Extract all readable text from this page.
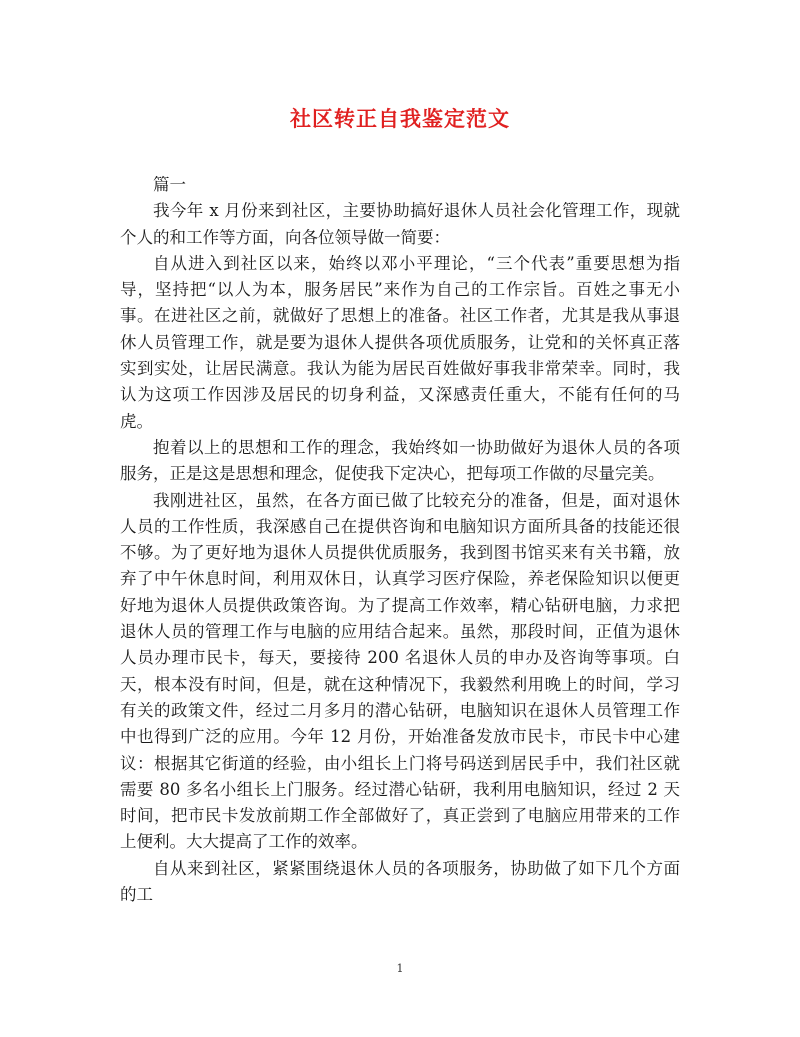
社区转正自我鉴定范文

篇一

我今年 x 月份来到社区，主要协助搞好退休人员社会化管理工作，现就个人的和工作等方面，向各位领导做一简要：

自从进入到社区以来，始终以邓小平理论，“三个代表”重要思想为指导，坚持把“以人为本，服务居民”来作为自己的工作宗旨。百姓之事无小事。在进社区之前，就做好了思想上的准备。社区工作者，尤其是我从事退休人员管理工作，就是要为退休人提供各项优质服务，让党和的关怀真正落实到实处，让居民满意。我认为能为居民百姓做好事我非常荣幸。同时，我认为这项工作因涉及居民的切身利益，又深感责任重大，不能有任何的马虎。

抱着以上的思想和工作的理念，我始终如一协助做好为退休人员的各项服务，正是这是思想和理念，促使我下定决心，把每项工作做的尽量完美。

我刚进社区，虽然，在各方面已做了比较充分的准备，但是，面对退休人员的工作性质，我深感自己在提供咨询和电脑知识方面所具备的技能还很不够。为了更好地为退休人员提供优质服务，我到图书馆买来有关书籍，放弃了中午休息时间，利用双休日，认真学习医疗保险，养老保险知识以便更好地为退休人员提供政策咨询。为了提高工作效率，精心钻研电脑，力求把退休人员的管理工作与电脑的应用结合起来。虽然，那段时间，正值为退休人员办理市民卡，每天，要接待 200 名退休人员的申办及咨询等事项。白天，根本没有时间，但是，就在这种情况下，我毅然利用晚上的时间，学习有关的政策文件，经过二月多月的潜心钻研，电脑知识在退休人员管理工作中也得到广泛的应用。今年 12 月份，开始准备发放市民卡，市民卡中心建议：根据其它街道的经验，由小组长上门将号码送到居民手中，我们社区就需要 80 多名小组长上门服务。经过潜心钻研，我利用电脑知识，经过 2 天时间，把市民卡发放前期工作全部做好了，真正尝到了电脑应用带来的工作上便利。大大提高了工作的效率。

自从来到社区，紧紧围绕退休人员的各项服务，协助做了如下几个方面的工

1
